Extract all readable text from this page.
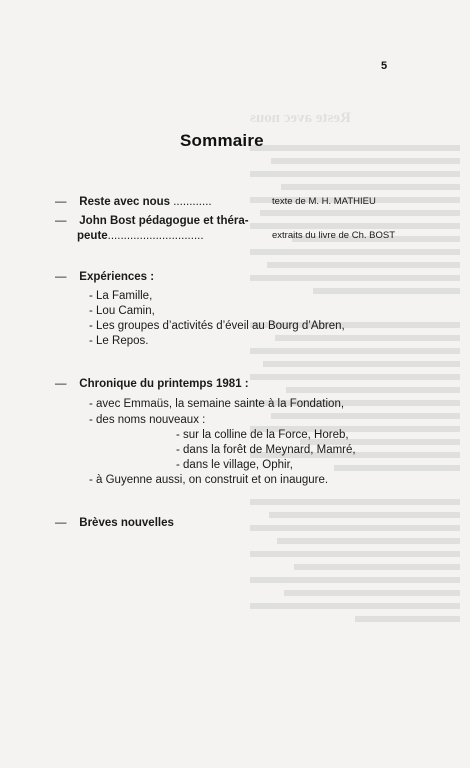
Reste avec nous
5
Sommaire
— Reste avec nous ............	texte de M. H. MATHIEU
— John Bost pédagogue et théra-
peute..............................	extraits du livre de Ch. BOST
— Expériences :
- La Famille,
- Lou Camin,
- Les groupes d’activités d’éveil au Bourg d’Abren,
- Le Repos.
— Chronique du printemps 1981 :
- avec Emmaüs, la semaine sainte à la Fondation,
- des noms nouveaux :
- sur la colline de la Force, Horeb,
- dans la forêt de Meynard, Mamré,
- dans le village, Ophir,
- à Guyenne aussi, on construit et on inaugure.
— Brèves nouvelles
